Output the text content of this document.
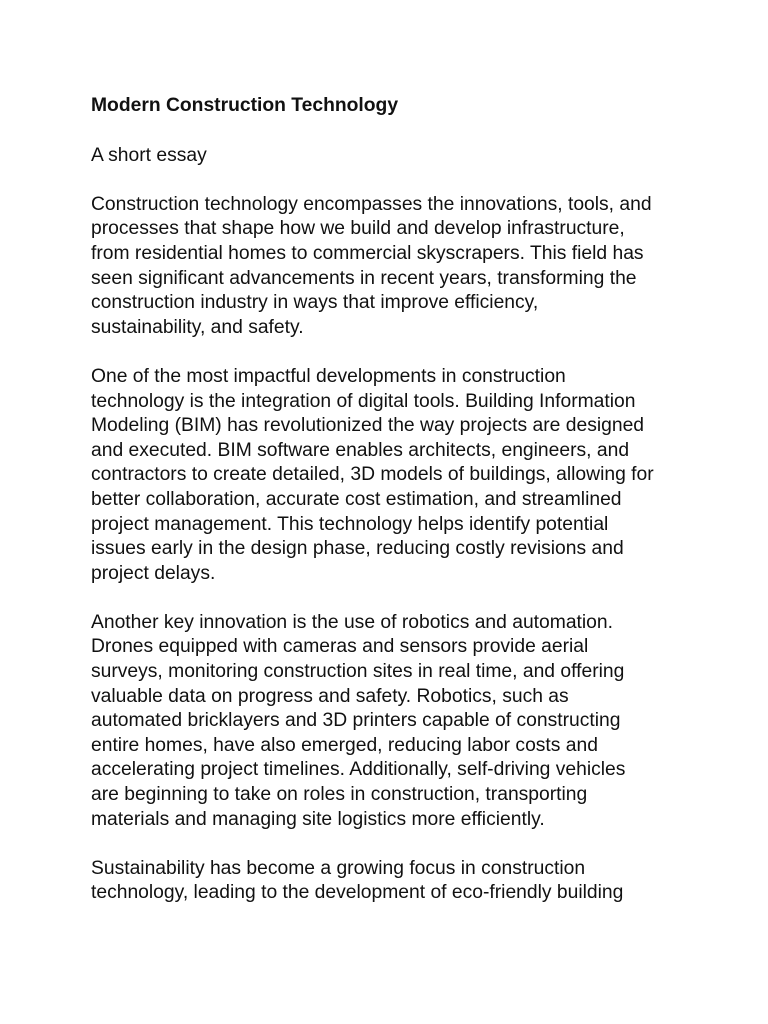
Modern Construction Technology

A short essay

Construction technology encompasses the innovations, tools, and
processes that shape how we build and develop infrastructure,
from residential homes to commercial skyscrapers. This field has
seen significant advancements in recent years, transforming the
construction industry in ways that improve efficiency,
sustainability, and safety.

One of the most impactful developments in construction
technology is the integration of digital tools. Building Information
Modeling (BIM) has revolutionized the way projects are designed
and executed. BIM software enables architects, engineers, and
contractors to create detailed, 3D models of buildings, allowing for
better collaboration, accurate cost estimation, and streamlined
project management. This technology helps identify potential
issues early in the design phase, reducing costly revisions and
project delays.

Another key innovation is the use of robotics and automation.
Drones equipped with cameras and sensors provide aerial
surveys, monitoring construction sites in real time, and offering
valuable data on progress and safety. Robotics, such as
automated bricklayers and 3D printers capable of constructing
entire homes, have also emerged, reducing labor costs and
accelerating project timelines. Additionally, self-driving vehicles
are beginning to take on roles in construction, transporting
materials and managing site logistics more efficiently.

Sustainability has become a growing focus in construction
technology, leading to the development of eco-friendly building
